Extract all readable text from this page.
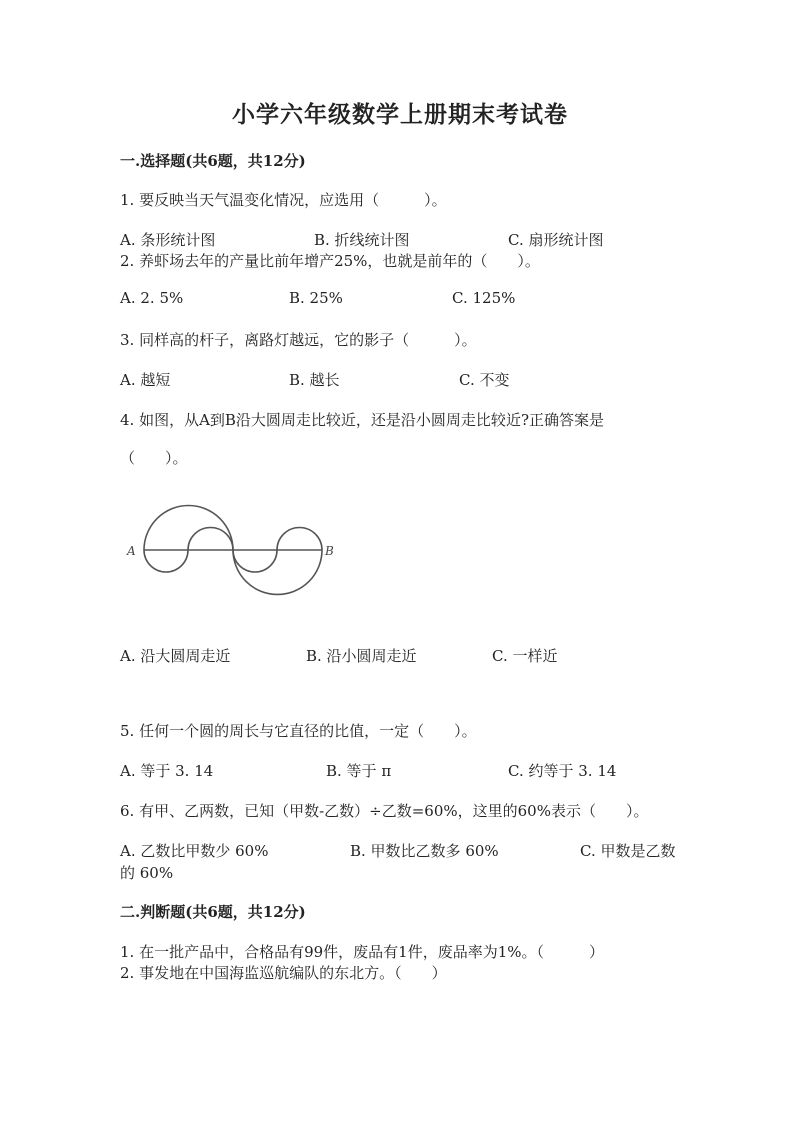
小学六年级数学上册期末考试卷
一.选择题(共6题，共12分)
1. 要反映当天气温变化情况，应选用（　　　）。
A. 条形统计图	B. 折线统计图	C. 扇形统计图
2. 养虾场去年的产量比前年增产25%，也就是前年的（　　）。
A. 2. 5%	B. 25%	C. 125%
3. 同样高的杆子，离路灯越远，它的影子（　　　）。
A. 越短	B. 越长	C. 不变
4. 如图，从A到B沿大圆周走比较近，还是沿小圆周走比较近?正确答案是
（　　）。
A	B
A. 沿大圆周走近	B. 沿小圆周走近	C. 一样近
5. 任何一个圆的周长与它直径的比值，一定（　　）。
A. 等于 3. 14	B. 等于 π	C. 约等于 3. 14
6. 有甲、乙两数，已知（甲数-乙数）÷乙数=60%，这里的60%表示（　　）。
A. 乙数比甲数少 60%	B. 甲数比乙数多 60%	C. 甲数是乙数
的 60%
二.判断题(共6题，共12分)
1. 在一批产品中，合格品有99件，废品有1件，废品率为1%。（　　　）
2. 事发地在中国海监巡航编队的东北方。（　　）
